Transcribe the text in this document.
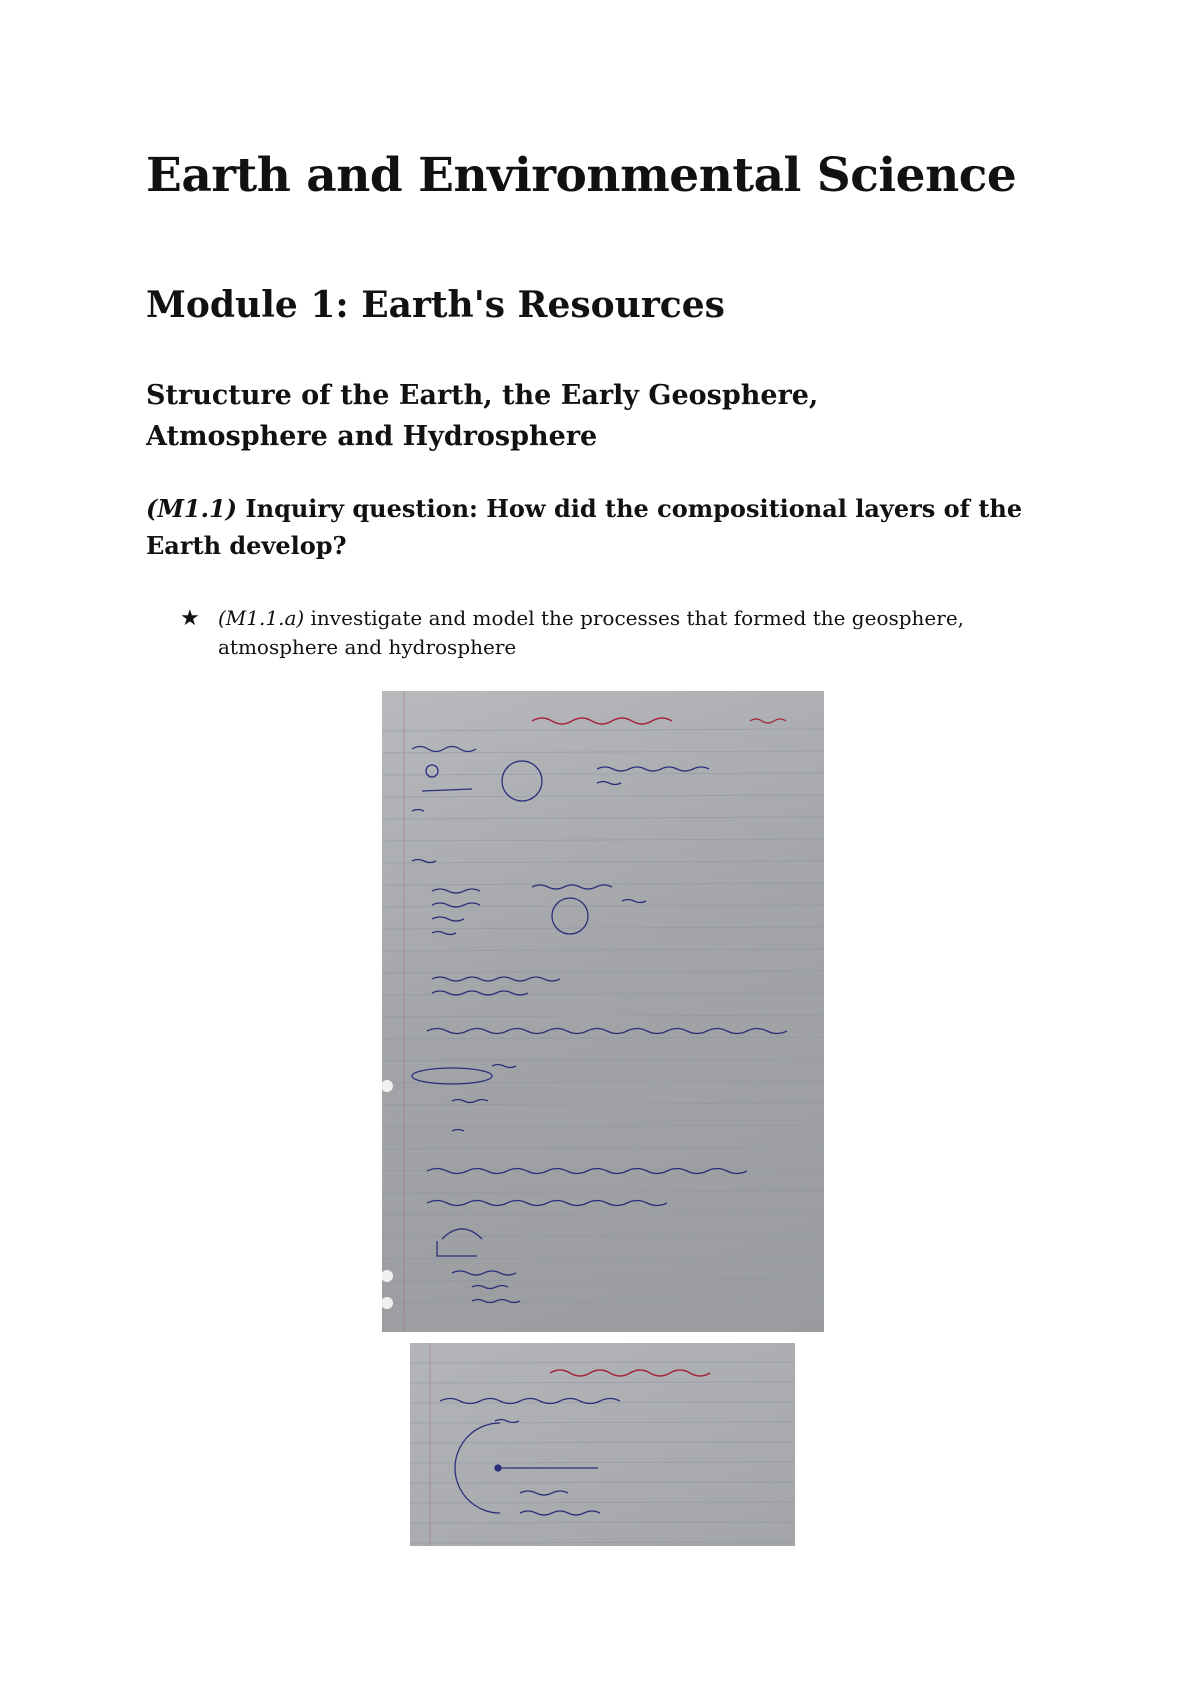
Earth and Environmental Science
Module 1: Earth's Resources
Structure of the Earth, the Early Geosphere,
Atmosphere and Hydrosphere

(M1.1) Inquiry question: How did the compositional layers of the Earth develop?

★ (M1.1.a) investigate and model the processes that formed the geosphere, atmosphere and hydrosphere
